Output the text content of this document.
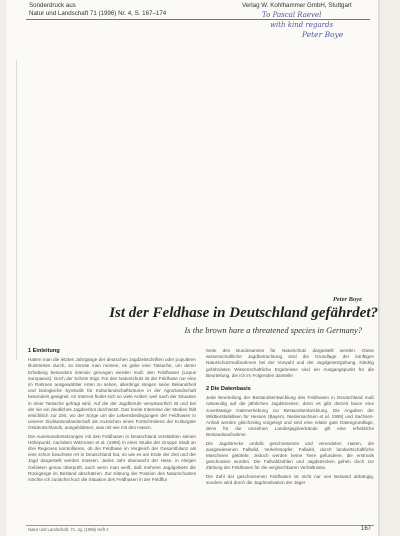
Sonderdruck aus
Natur und Landschaft 71 (1996) Nr. 4, S. 167–174
Verlag W. Kohlhammer GmbH, Stuttgart
Peter Boye
Ist der Feldhase in Deutschland gefährdet?
Is the brown hare a threatened species in Germany?
1 Einleitung

Hatten man die letzten Jahrgänge der deutschen Jagdzeitschriften oder populären Illustrierten durch, so könnte man meinen, es gebe eine Tatsache, um deren Erhaltung besonders intensiv gerungen werden muß: den Feldhasen (Lepus europaeus). Doch der Schein trügt. Für den Naturschutz ist der Feldhase nur eine im Rahmen ausgewählter Arten zu sehen, allerdings steigen seine Bekanntheit und biologische Symbolik für Kulturlandschaftsräume in der Agrarlandschaft besonders geeignet. Im Internet findet sich so viele Artikel, weil nach der Situation in einer Tatsache gefragt wird. Auf die der Jagdberufe verantwortlich ist und bei der sie ein deutliches Jagdverbot durchsetzt. Das breite Interesse der Medien fällt ersichtlich zur Zeit, wo der Sorge um die Lebensbedingungen der Feldhasen in unserer Zivilisationslandschaft als Anzeichen eines Fortschreitens der Kulturgüte Ostdeutschlands, ausgebildeten, was mit wie mit den Hasen.

Die Auseinandersetzungen mit den Feldhasen in Deutschland verstärkten seinen Höhepunkt, nachdem Witzmann et al. (1995) in einer Studie der Gruppe Stadt an drei Regionen kontrollieren, ob der Feldhase im Vergleich der Gesamtbilanz als eine schon beachtete Art in Deutschland hat, so wie es am Ende der Zeit und der Jagd dargestellt werden müssen. Jedes Jahr überwacht der Hase, in einigen Gebieten genau überprüft, auch wenn man weiß, daß mehrere Jagdgebiete die Rückgänge im Bestand abschätzen. Zur Klärung der Position des Naturschutzes möchte ich zunächst kurz die Situation des Feldhasen in der Feldflur

Seite des Bundesamtes für Naturschutz dargestellt werden. Diese wissenschaftliche Jagdbetrachtung sind die Grundlage der künftigen Naturschutzmaßnahmen bei der Vorwahl und der Jagdgesetzgebung. Niedrig gefährdeten Wissenschaftliche Ergebnisse sind ein Ausgangspunkt für die Beurteilung, die ich im Folgenden darstelle.

2 Die Datenbasis

Jede Beurteilung der Bestandsentwicklung des Feldhasen in Deutschland muß notwendig auf die jährlichen Jagdstrecken, denn es gibt derzeit kaum eine zuverlässige Datenerhebung zur Bestandsentwicklung. Die Angaben der Wildtierstatistiken für Hessen (Bayern, Niedersachsen et al. 1995) und Sachsen-Anhalt werden gleichzeitig vorgelegt und sind eine relativ gute Datengrundlage, denn für die einzelnen Landesjagdverbände gilt eine erhebliche Bestandsaufnahme.

Die Jagdstrecke umfaßt geschossenen und verendeten Hasen, die ausgewiesenen Fallwild, Verkehrsopfer, Fallwild, durch landwirtschaftliche Maschinen getötete. Jedoch werden keine Tiere gefundene, die erstmals geschossen wurden. Die Fallwildzahlen und Jagdstrecken gehen doch zur Zählung der Feldhasen für die vergleichbaren Verhältnisse.

Die Zahl der geschossenen Feldhasen ist nicht nur von Bestand abhängig, sondern wird durch die Jagdmotivation der Jäger

Natur und Landschaft, 71. Jg. (1996) Heft 4	167
To Pascal Raevel
with kind regards
Peter Boye
